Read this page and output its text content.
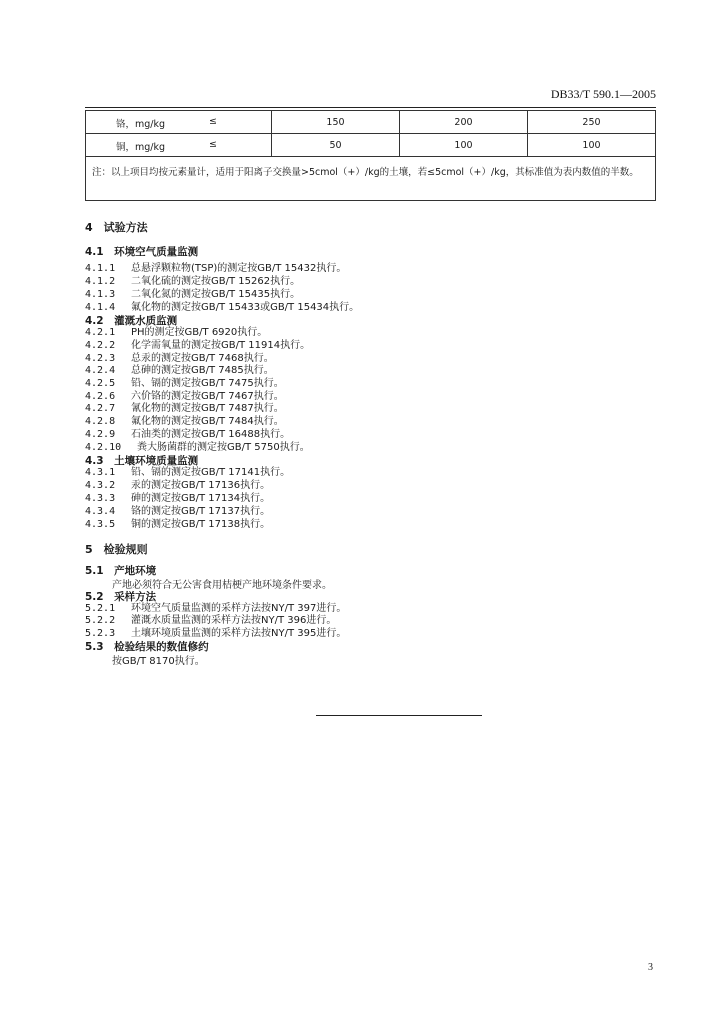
DB33/T 590.1—2005
铬，mg/kg ≤	150	200	250

铜，mg/kg ≤	50	100	100
注：以上项目均按元素量计，适用于阳离子交换量>5cmol（+）/kg的土壤，若≤5cmol（+）/kg，其标准值为表内数值的半数。			
4　试验方法
4.1　环境空气质量监测
4.1.1 总悬浮颗粒物(TSP)的测定按GB/T 15432执行。
4.1.2 二氧化硫的测定按GB/T 15262执行。
4.1.3 二氧化氮的测定按GB/T 15435执行。
4.1.4 氟化物的测定按GB/T 15433或GB/T 15434执行。
4.2　灌溉水质监测
4.2.1 PH的测定按GB/T 6920执行。
4.2.2 化学需氧量的测定按GB/T 11914执行。
4.2.3 总汞的测定按GB/T 7468执行。
4.2.4 总砷的测定按GB/T 7485执行。
4.2.5 铅、镉的测定按GB/T 7475执行。
4.2.6 六价铬的测定按GB/T 7467执行。
4.2.7 氰化物的测定按GB/T 7487执行。
4.2.8 氟化物的测定按GB/T 7484执行。
4.2.9 石油类的测定按GB/T 16488执行。
4.2.10 粪大肠菌群的测定按GB/T 5750执行。
4.3　土壤环境质量监测
4.3.1 铅、镉的测定按GB/T 17141执行。
4.3.2 汞的测定按GB/T 17136执行。
4.3.3 砷的测定按GB/T 17134执行。
4.3.4 铬的测定按GB/T 17137执行。
4.3.5 铜的测定按GB/T 17138执行。
5　检验规则
5.1　产地环境
产地必须符合无公害食用桔梗产地环境条件要求。
5.2　采样方法
5.2.1 环境空气质量监测的采样方法按NY/T 397进行。
5.2.2 灌溉水质量监测的采样方法按NY/T 396进行。
5.2.3 土壤环境质量监测的采样方法按NY/T 395进行。
5.3　检验结果的数值修约
按GB/T 8170执行。
3
